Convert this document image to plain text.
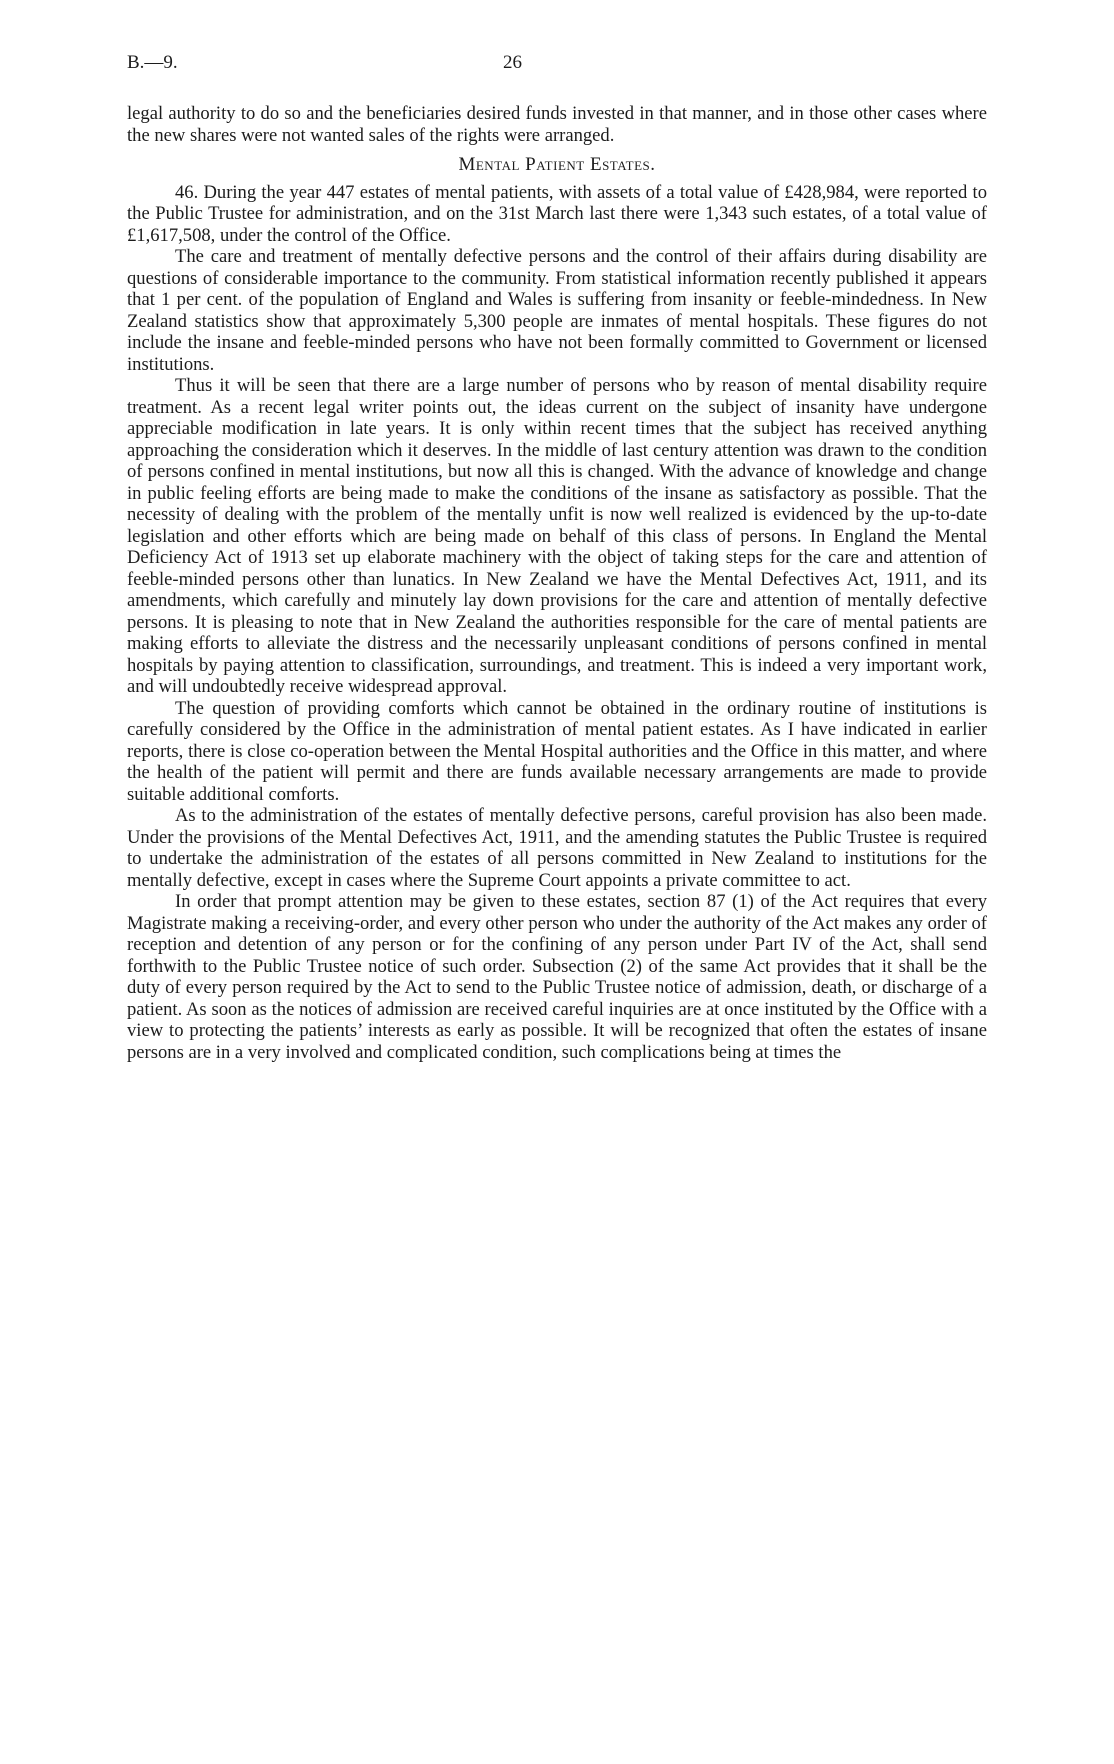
B.—9.	26

legal authority to do so and the beneficiaries desired funds invested in that manner, and in those other cases where the new shares were not wanted sales of the rights were arranged.

Mental Patient Estates.

46. During the year 447 estates of mental patients, with assets of a total value of £428,984, were reported to the Public Trustee for administration, and on the 31st March last there were 1,343 such estates, of a total value of £1,617,508, under the control of the Office.

The care and treatment of mentally defective persons and the control of their affairs during disability are questions of considerable importance to the community. From statistical information recently published it appears that 1 per cent. of the population of England and Wales is suffering from insanity or feeble-mindedness. In New Zealand statistics show that approximately 5,300 people are inmates of mental hospitals. These figures do not include the insane and feeble-minded persons who have not been formally committed to Government or licensed institutions.

Thus it will be seen that there are a large number of persons who by reason of mental disability require treatment. As a recent legal writer points out, the ideas current on the subject of insanity have undergone appreciable modification in late years. It is only within recent times that the subject has received anything approaching the consideration which it deserves. In the middle of last century attention was drawn to the condition of persons confined in mental institutions, but now all this is changed. With the advance of knowledge and change in public feeling efforts are being made to make the conditions of the insane as satisfactory as possible. That the necessity of dealing with the problem of the mentally unfit is now well realized is evidenced by the up-to-date legislation and other efforts which are being made on behalf of this class of persons. In England the Mental Deficiency Act of 1913 set up elaborate machinery with the object of taking steps for the care and attention of feeble-minded persons other than lunatics. In New Zealand we have the Mental Defectives Act, 1911, and its amendments, which carefully and minutely lay down provisions for the care and attention of mentally defective persons. It is pleasing to note that in New Zealand the authorities responsible for the care of mental patients are making efforts to alleviate the distress and the necessarily unpleasant conditions of persons confined in mental hospitals by paying attention to classification, surroundings, and treatment. This is indeed a very important work, and will undoubtedly receive widespread approval.

The question of providing comforts which cannot be obtained in the ordinary routine of institutions is carefully considered by the Office in the administration of mental patient estates. As I have indicated in earlier reports, there is close co-operation between the Mental Hospital authorities and the Office in this matter, and where the health of the patient will permit and there are funds available necessary arrangements are made to provide suitable additional comforts.

As to the administration of the estates of mentally defective persons, careful provision has also been made. Under the provisions of the Mental Defectives Act, 1911, and the amending statutes the Public Trustee is required to undertake the administration of the estates of all persons committed in New Zealand to institutions for the mentally defective, except in cases where the Supreme Court appoints a private committee to act.

In order that prompt attention may be given to these estates, section 87 (1) of the Act requires that every Magistrate making a receiving-order, and every other person who under the authority of the Act makes any order of reception and detention of any person or for the confining of any person under Part IV of the Act, shall send forthwith to the Public Trustee notice of such order. Subsection (2) of the same Act provides that it shall be the duty of every person required by the Act to send to the Public Trustee notice of admission, death, or discharge of a patient. As soon as the notices of admission are received careful inquiries are at once instituted by the Office with a view to protecting the patients’ interests as early as possible. It will be recognized that often the estates of insane persons are in a very involved and complicated condition, such complications being at times the
